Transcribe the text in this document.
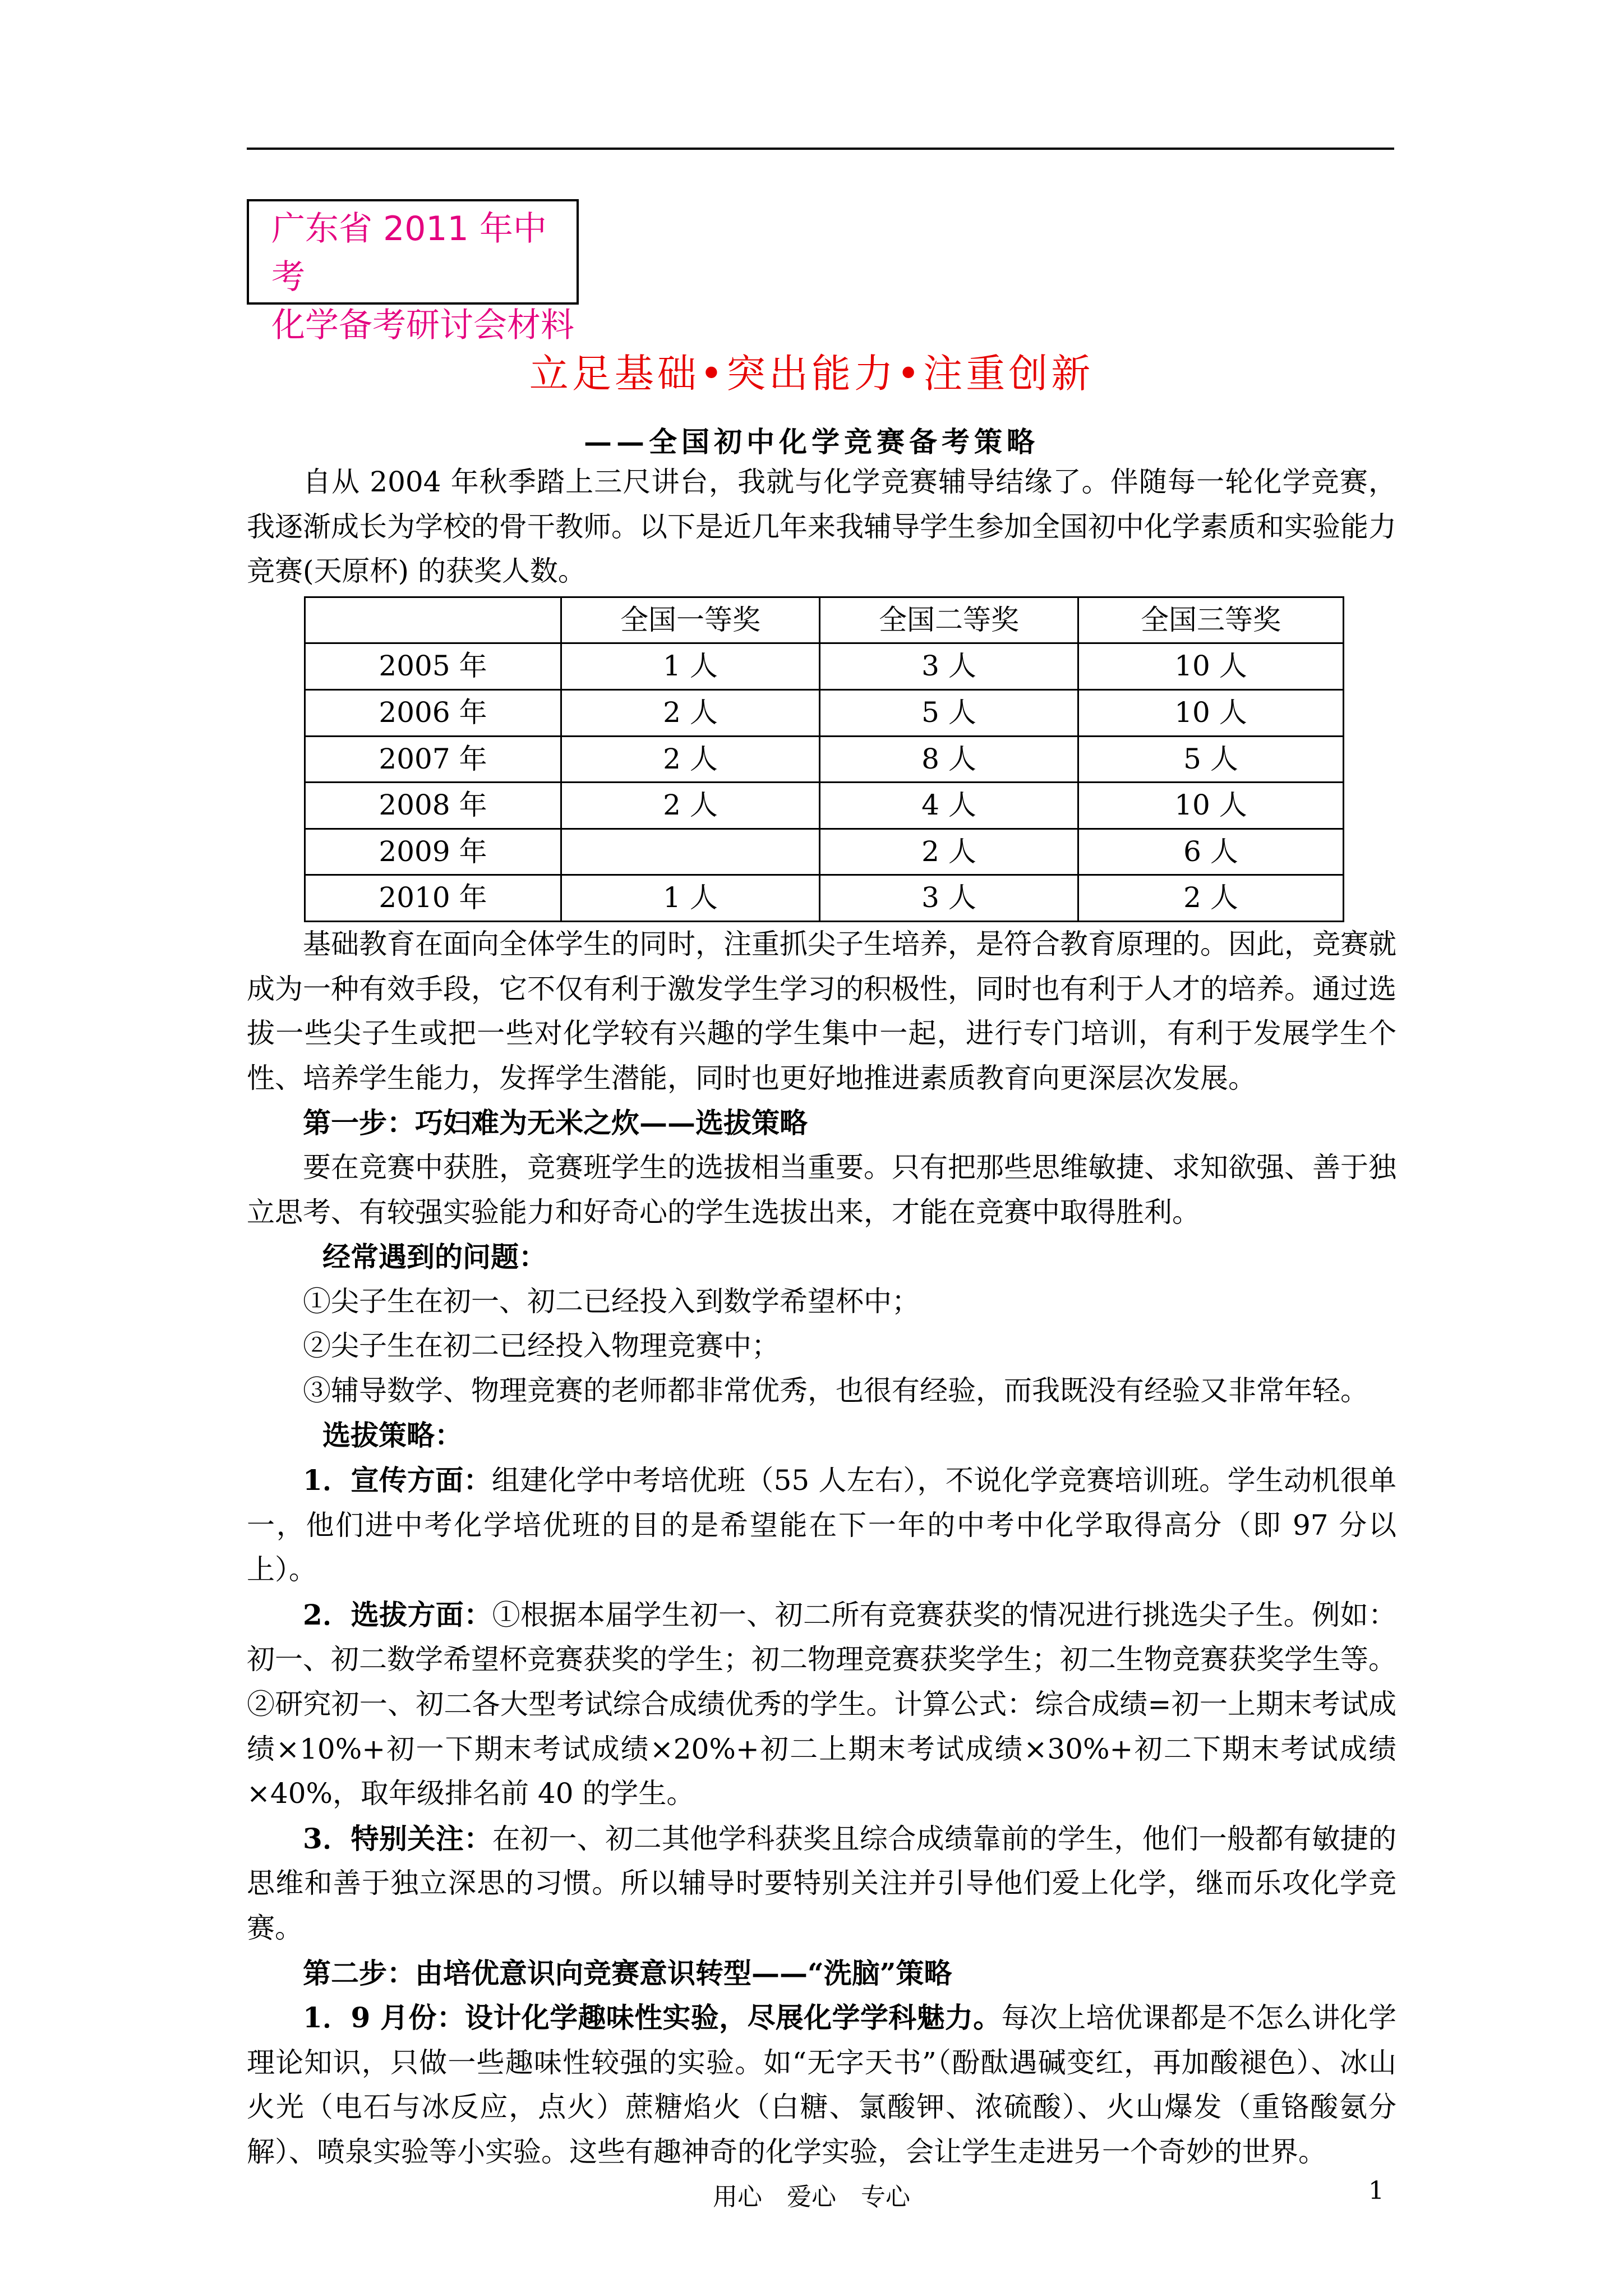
广东省 2011 年中考
化学备考研讨会材料
立足基础•突出能力•注重创新
——全国初中化学竞赛备考策略

自从 2004 年秋季踏上三尺讲台，我就与化学竞赛辅导结缘了。伴随每一轮化学竞赛，我逐渐成长为学校的骨干教师。以下是近几年来我辅导学生参加全国初中化学素质和实验能力竞赛(天原杯) 的获奖人数。

	全国一等奖	全国二等奖	全国三等奖
2005 年	1 人	3 人	10 人
2006 年	2 人	5 人	10 人
2007 年	2 人	8 人	5 人
2008 年	2 人	4 人	10 人
2009 年		2 人	6 人
2010 年	1 人	3 人	2 人

基础教育在面向全体学生的同时，注重抓尖子生培养，是符合教育原理的。因此，竞赛就成为一种有效手段，它不仅有利于激发学生学习的积极性，同时也有利于人才的培养。通过选拔一些尖子生或把一些对化学较有兴趣的学生集中一起，进行专门培训，有利于发展学生个性、培养学生能力，发挥学生潜能，同时也更好地推进素质教育向更深层次发展。

第一步：巧妇难为无米之炊——选拔策略

要在竞赛中获胜，竞赛班学生的选拔相当重要。只有把那些思维敏捷、求知欲强、善于独立思考、有较强实验能力和好奇心的学生选拔出来，才能在竞赛中取得胜利。

经常遇到的问题：

①尖子生在初一、初二已经投入到数学希望杯中；

②尖子生在初二已经投入物理竞赛中；

③辅导数学、物理竞赛的老师都非常优秀，也很有经验，而我既没有经验又非常年轻。

选拔策略：

1．宣传方面：组建化学中考培优班（55 人左右），不说化学竞赛培训班。学生动机很单一，他们进中考化学培优班的目的是希望能在下一年的中考中化学取得高分（即 97 分以上）。

2．选拔方面：①根据本届学生初一、初二所有竞赛获奖的情况进行挑选尖子生。例如：初一、初二数学希望杯竞赛获奖的学生；初二物理竞赛获奖学生；初二生物竞赛获奖学生等。②研究初一、初二各大型考试综合成绩优秀的学生。计算公式：综合成绩=初一上期末考试成绩×10%+初一下期末考试成绩×20%+初二上期末考试成绩×30%+初二下期末考试成绩×40%，取年级排名前 40 的学生。

3．特别关注：在初一、初二其他学科获奖且综合成绩靠前的学生，他们一般都有敏捷的思维和善于独立深思的习惯。所以辅导时要特别关注并引导他们爱上化学，继而乐攻化学竞赛。

第二步：由培优意识向竞赛意识转型——“洗脑”策略

1．9 月份：设计化学趣味性实验，尽展化学学科魅力。每次上培优课都是不怎么讲化学理论知识，只做一些趣味性较强的实验。如“无字天书”（酚酞遇碱变红，再加酸褪色）、冰山火光（电石与冰反应，点火）蔗糖焰火（白糖、氯酸钾、浓硫酸）、火山爆发（重铬酸氨分解）、喷泉实验等小实验。这些有趣神奇的化学实验，会让学生走进另一个奇妙的世界。

用心 爱心 专心	1
